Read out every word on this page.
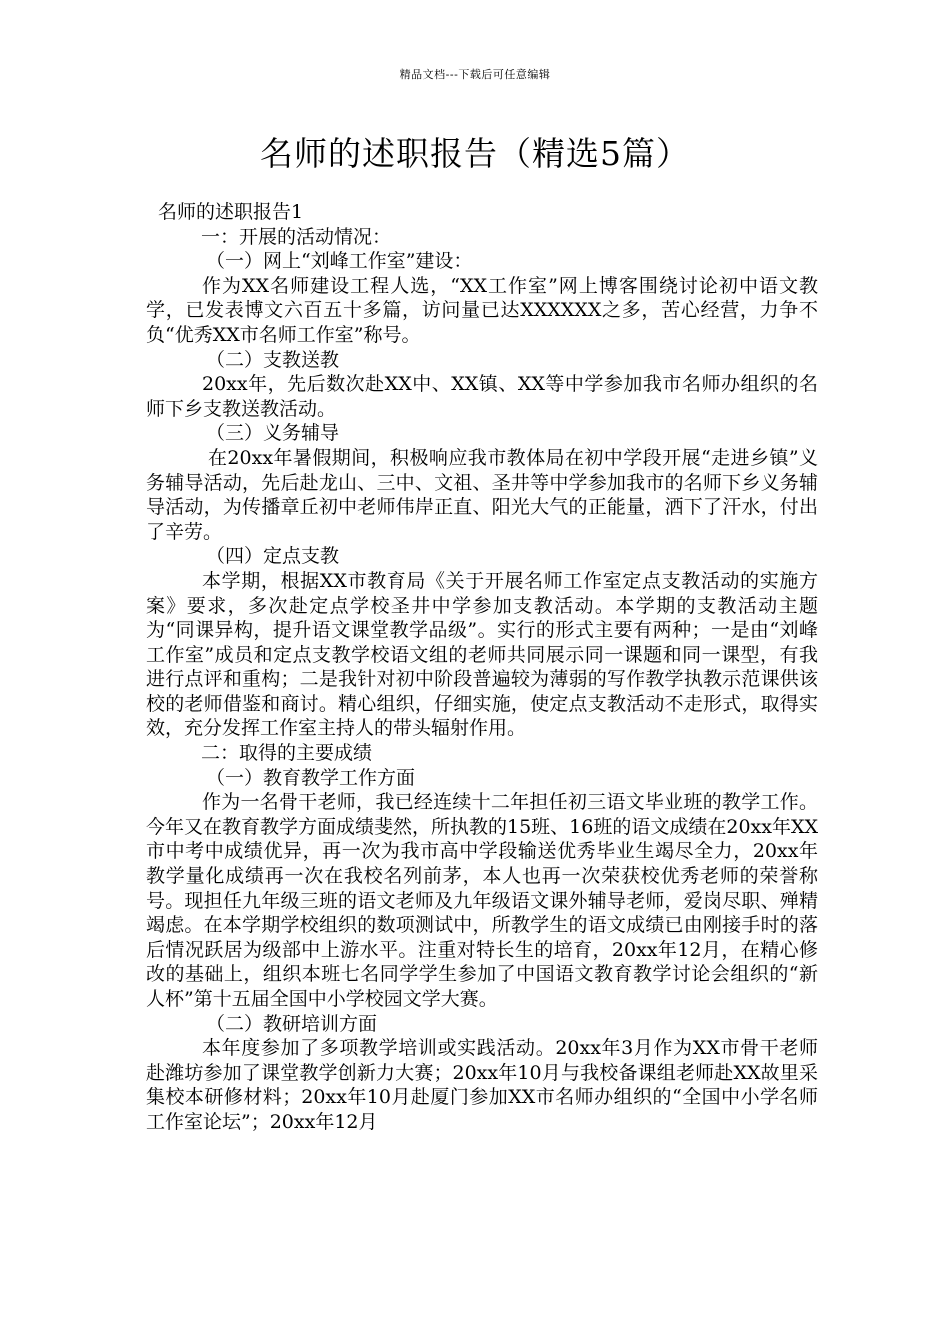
精品文档---下载后可任意编辑
名师的述职报告（精选5篇）

名师的述职报告1

一：开展的活动情况：

（一）网上“刘峰工作室”建设：

作为XX名师建设工程人选，“XX工作室”网上博客围绕讨论初中语文教学，已发表博文六百五十多篇，访问量已达XXXXXX之多，苦心经营，力争不负“优秀XX市名师工作室”称号。

（二）支教送教

20xx年，先后数次赴XX中、XX镇、XX等中学参加我市名师办组织的名师下乡支教送教活动。

（三）义务辅导

在20xx年暑假期间，积极响应我市教体局在初中学段开展“走进乡镇”义务辅导活动，先后赴龙山、三中、文祖、圣井等中学参加我市的名师下乡义务辅导活动，为传播章丘初中老师伟岸正直、阳光大气的正能量，洒下了汗水，付出了辛劳。

（四）定点支教

本学期，根据XX市教育局《关于开展名师工作室定点支教活动的实施方案》要求，多次赴定点学校圣井中学参加支教活动。本学期的支教活动主题为“同课异构，提升语文课堂教学品级”。实行的形式主要有两种；一是由“刘峰工作室”成员和定点支教学校语文组的老师共同展示同一课题和同一课型，有我进行点评和重构；二是我针对初中阶段普遍较为薄弱的写作教学执教示范课供该校的老师借鉴和商讨。精心组织，仔细实施，使定点支教活动不走形式，取得实效，充分发挥工作室主持人的带头辐射作用。

二：取得的主要成绩

（一）教育教学工作方面

作为一名骨干老师，我已经连续十二年担任初三语文毕业班的教学工作。今年又在教育教学方面成绩斐然，所执教的15班、16班的语文成绩在20xx年XX市中考中成绩优异，再一次为我市高中学段输送优秀毕业生竭尽全力，20xx年教学量化成绩再一次在我校名列前茅，本人也再一次荣获校优秀老师的荣誉称号。现担任九年级三班的语文老师及九年级语文课外辅导老师，爱岗尽职、殚精竭虑。在本学期学校组织的数项测试中，所教学生的语文成绩已由刚接手时的落后情况跃居为级部中上游水平。注重对特长生的培育，20xx年12月，在精心修改的基础上，组织本班七名同学学生参加了中国语文教育教学讨论会组织的“新人杯”第十五届全国中小学校园文学大赛。

（二）教研培训方面

本年度参加了多项教学培训或实践活动。20xx年3月作为XX市骨干老师赴潍坊参加了课堂教学创新力大赛；20xx年10月与我校备课组老师赴XX故里采集校本研修材料；20xx年10月赴厦门参加XX市名师办组织的“全国中小学名师工作室论坛”；20xx年12月
